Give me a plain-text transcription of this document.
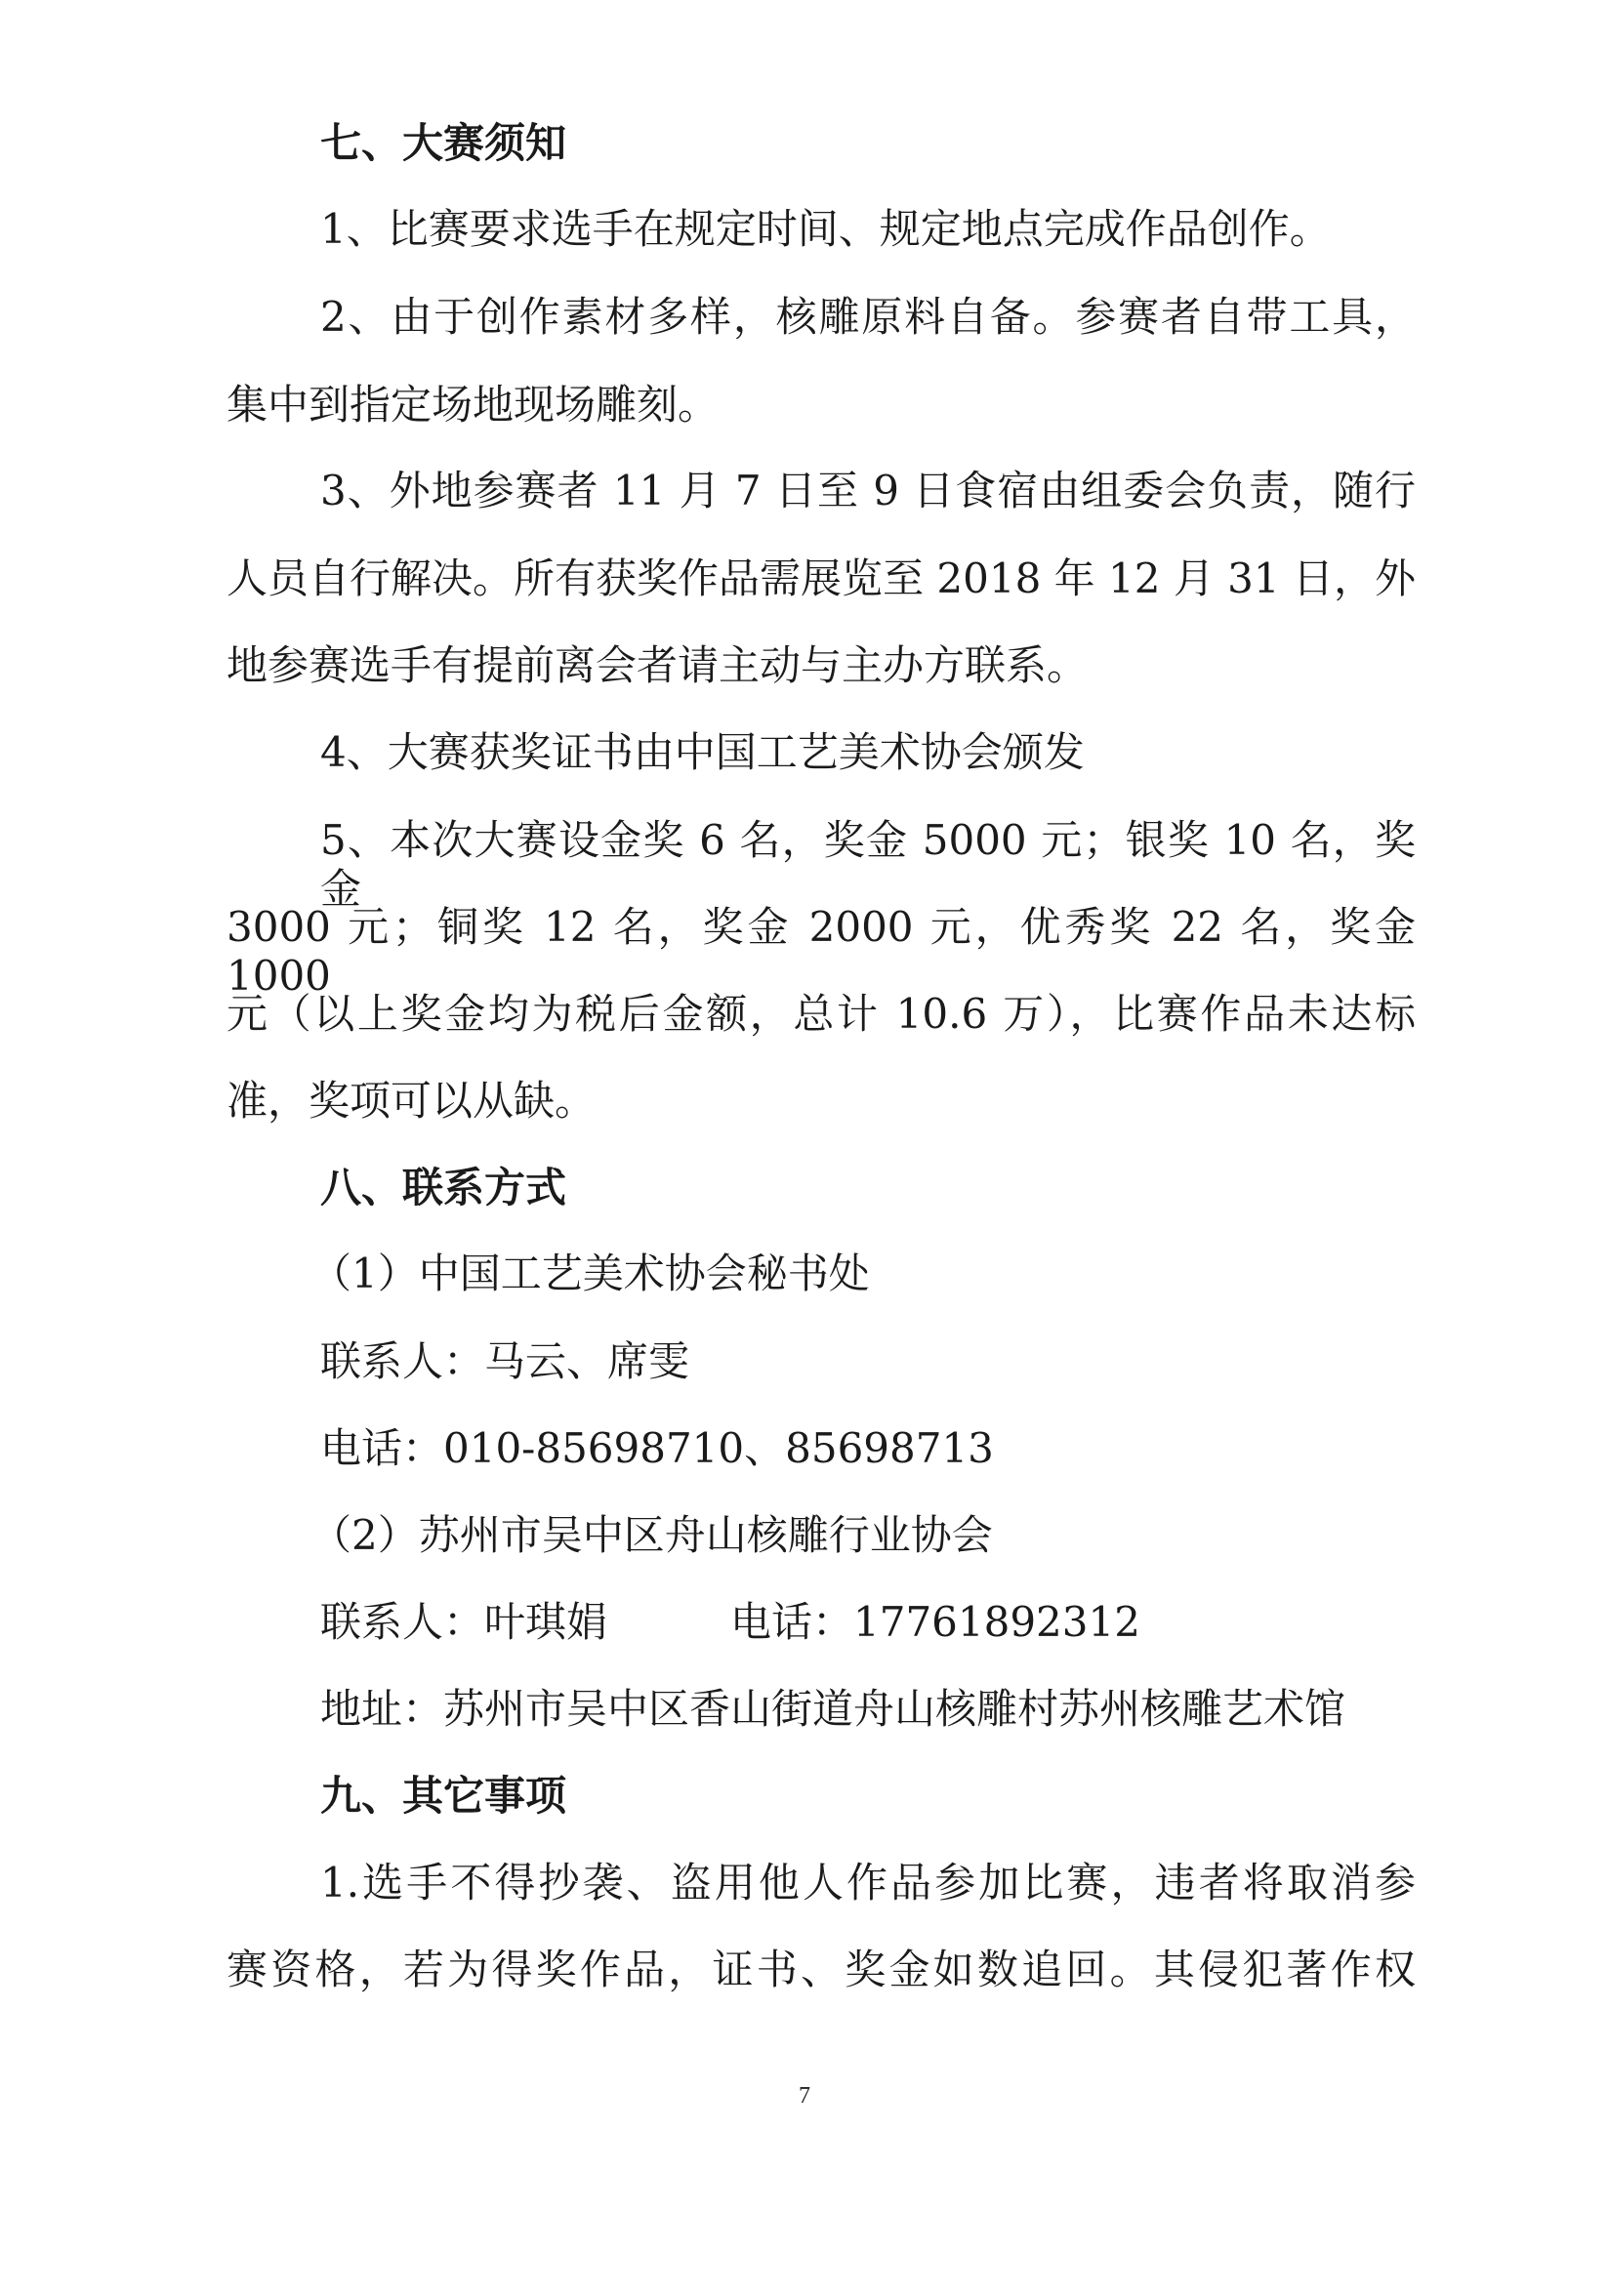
七、大赛须知
1、比赛要求选手在规定时间、规定地点完成作品创作。
2、由于创作素材多样，核雕原料自备。参赛者自带工具，
集中到指定场地现场雕刻。
3、外地参赛者 11 月 7 日至 9 日食宿由组委会负责，随行
人员自行解决。所有获奖作品需展览至 2018 年 12 月 31 日，外
地参赛选手有提前离会者请主动与主办方联系。
4、大赛获奖证书由中国工艺美术协会颁发
5、本次大赛设金奖 6 名，奖金 5000 元；银奖 10 名，奖金
3000 元；铜奖 12 名，奖金 2000 元，优秀奖 22 名，奖金 1000
元（以上奖金均为税后金额，总计 10.6 万），比赛作品未达标
准，奖项可以从缺。
八、联系方式
（1）中国工艺美术协会秘书处
联系人：马云、席雯
电话：010-85698710、85698713
（2）苏州市吴中区舟山核雕行业协会
联系人：叶琪娟	电话：17761892312
地址：苏州市吴中区香山街道舟山核雕村苏州核雕艺术馆
九、其它事项
1.选手不得抄袭、盗用他人作品参加比赛，违者将取消参
赛资格，若为得奖作品，证书、奖金如数追回。其侵犯著作权
7
